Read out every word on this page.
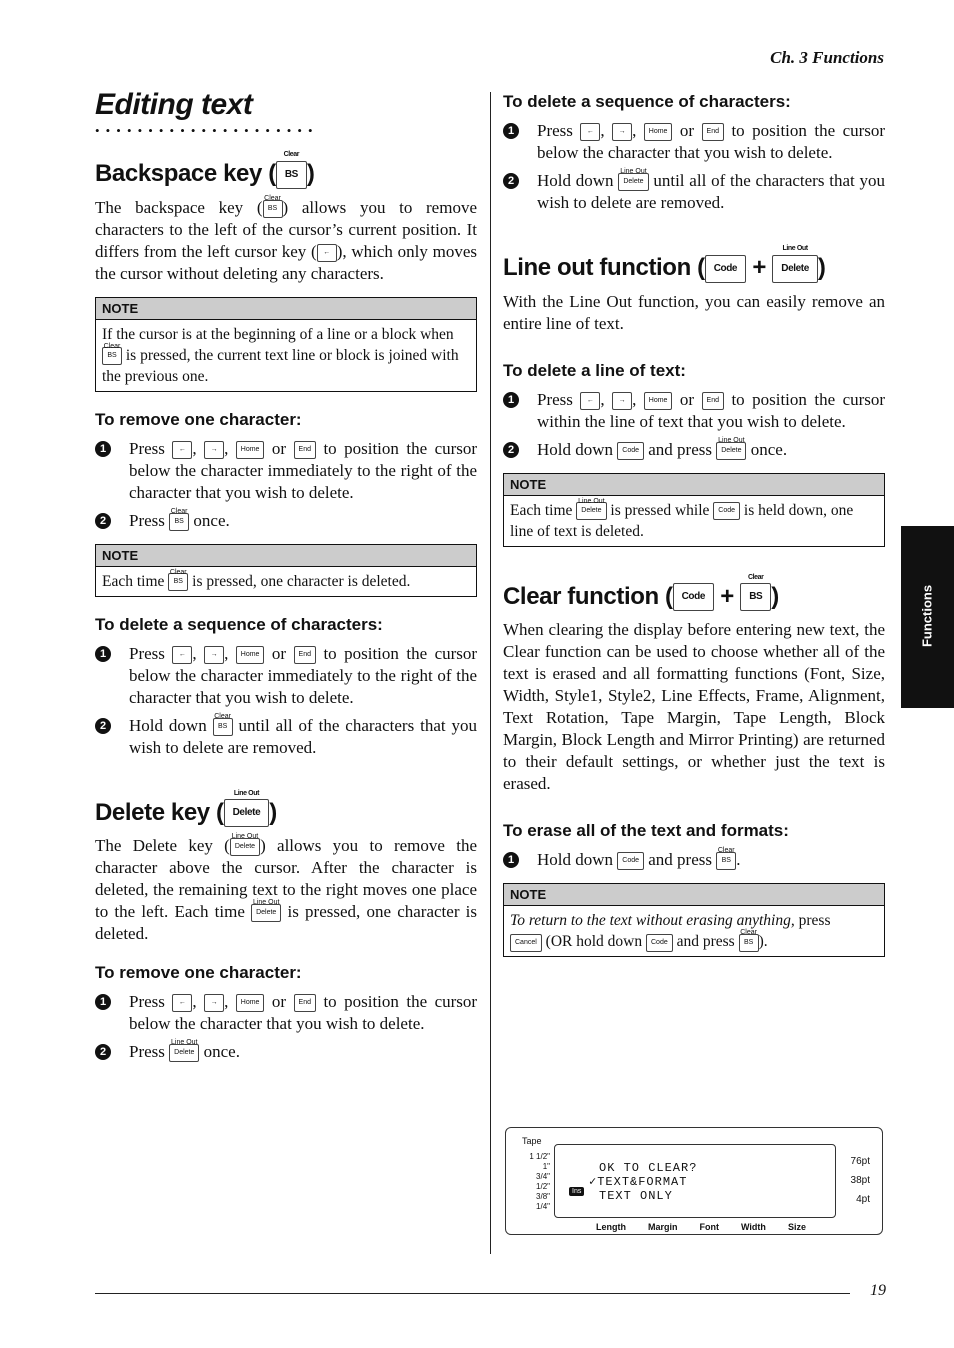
Ch. 3 Functions
Editing text
•••••••••••••••••••••
Backspace key (
Clear
BS )

The backspace key ( Clear
BS ) allows you to remove characters to the left of the cursor’s current position. It differs from the left cursor key ( ← ), which only moves the cursor without deleting any characters.

NOTE
If the cursor is at the beginning of a line or a block when
Clear
BS is pressed, the current text line or block is joined with the previous one.
To remove one character:
1 Press ← , → , Home or End to position the cursor below the character immediately to the right of the character that you wish to delete.
2 Press Clear
BS once.
NOTE
Each time
Clear
BS is pressed, one character is deleted.
To delete a sequence of characters:
1 Press ← , → , Home or End to position the cursor below the character immediately to the right of the character that you wish to delete.
2 Hold down Clear
BS until all of the characters that you wish to delete are removed.
Delete key (
Line Out
Delete )

The Delete key ( Line Out
Delete ) allows you to remove the character above the cursor. After the character is deleted, the remaining text to the right moves one place to the left. Each time Line Out
Delete is pressed, one character is deleted.

To remove one character:
1 Press ← , → , Home or End to position the cursor below the character that you wish to delete.
2 Press Line Out
Delete once.
To delete a sequence of characters:
1 Press ← , → , Home or End to position the cursor below the character that you wish to delete.
2 Hold down Line Out
Delete until all of the characters that you wish to delete are removed.
Line out function ( Code +
Line Out
Delete )

With the Line Out function, you can easily remove an entire line of text.

To delete a line of text:
1 Press ← , → , Home or End to position the cursor within the line of text that you wish to delete.
2 Hold down Code and press Line Out
Delete once.
NOTE
Each time
Line Out
Delete is pressed while Code is held down, one line of text is deleted.
Clear function ( Code +
Clear
BS )

When clearing the display before entering new text, the Clear function can be used to choose whether all of the text is erased and all formatting functions (Font, Size, Width, Style1, Style2, Line Effects, Frame, Alignment, Text Rotation, Tape Margin, Tape Length, Block Margin, Block Length and Mirror Printing) are returned to their default settings, or whether just the text is erased.

To erase all of the text and formats:
1 Hold down Code and press Clear
BS .
NOTE
To return to the text without erasing anything, press
Cancel (OR hold down Code and press
Clear
BS ).
Tape
1 1/2"
1"
3/4"
1/2"
3/8"
1/4"
OK TO CLEAR?
✓TEXT&FORMAT
TEXT ONLY
Ins
76pt
38pt
4pt
Length Margin Font Width Size
Functions
19
